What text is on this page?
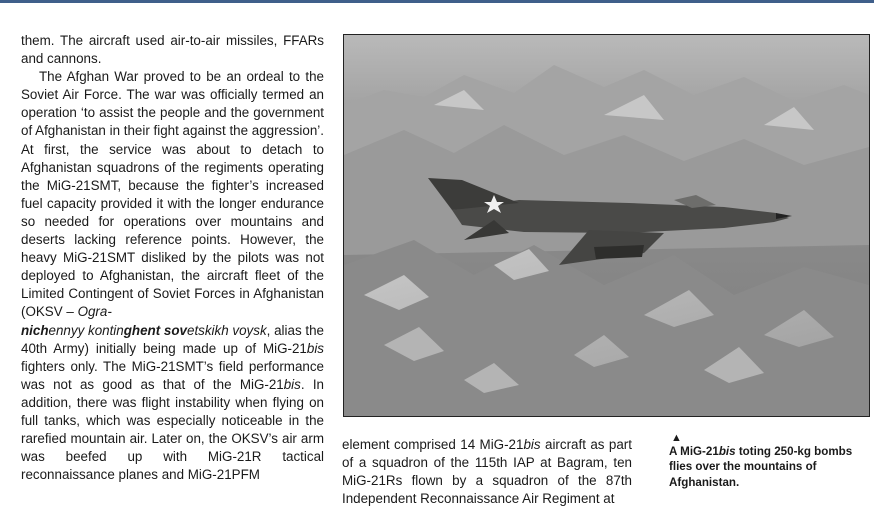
them. The aircraft used air-to-air missiles, FFARs and cannons.

The Afghan War proved to be an ordeal to the Soviet Air Force. The war was officially termed an operation ‘to assist the people and the government of Afghanistan in their fight against the aggression’. At first, the service was about to detach to Afghanistan squadrons of the regiments operating the MiG-21SMT, because the fighter’s increased fuel capacity provided it with the longer endurance so needed for operations over mountains and deserts lacking reference points. However, the heavy MiG-21SMT disliked by the pilots was not deployed to Afghanistan, the aircraft fleet of the Limited Contingent of Soviet Forces in Afghanistan (OKSV – Ogra-
nichennyy kontinghent sovetskikh voysk, alias the 40th Army) initially being made up of MiG-21bis fighters only. The MiG-21SMT’s field performance was not as good as that of the MiG-21bis. In addition, there was flight instability when flying on full tanks, which was especially noticeable in the rarefied mountain air. Later on, the OKSV’s air arm was beefed up with MiG-21R tactical reconnaissance planes and MiG-21PFM

element comprised 14 MiG-21bis aircraft as part of a squadron of the 115th IAP at Bagram, ten MiG-21Rs flown by a squadron of the 87th Independent Reconnaissance Air Regiment at

▲
A MiG-21bis toting 250-kg bombs flies over the mountains of Afghanistan.
